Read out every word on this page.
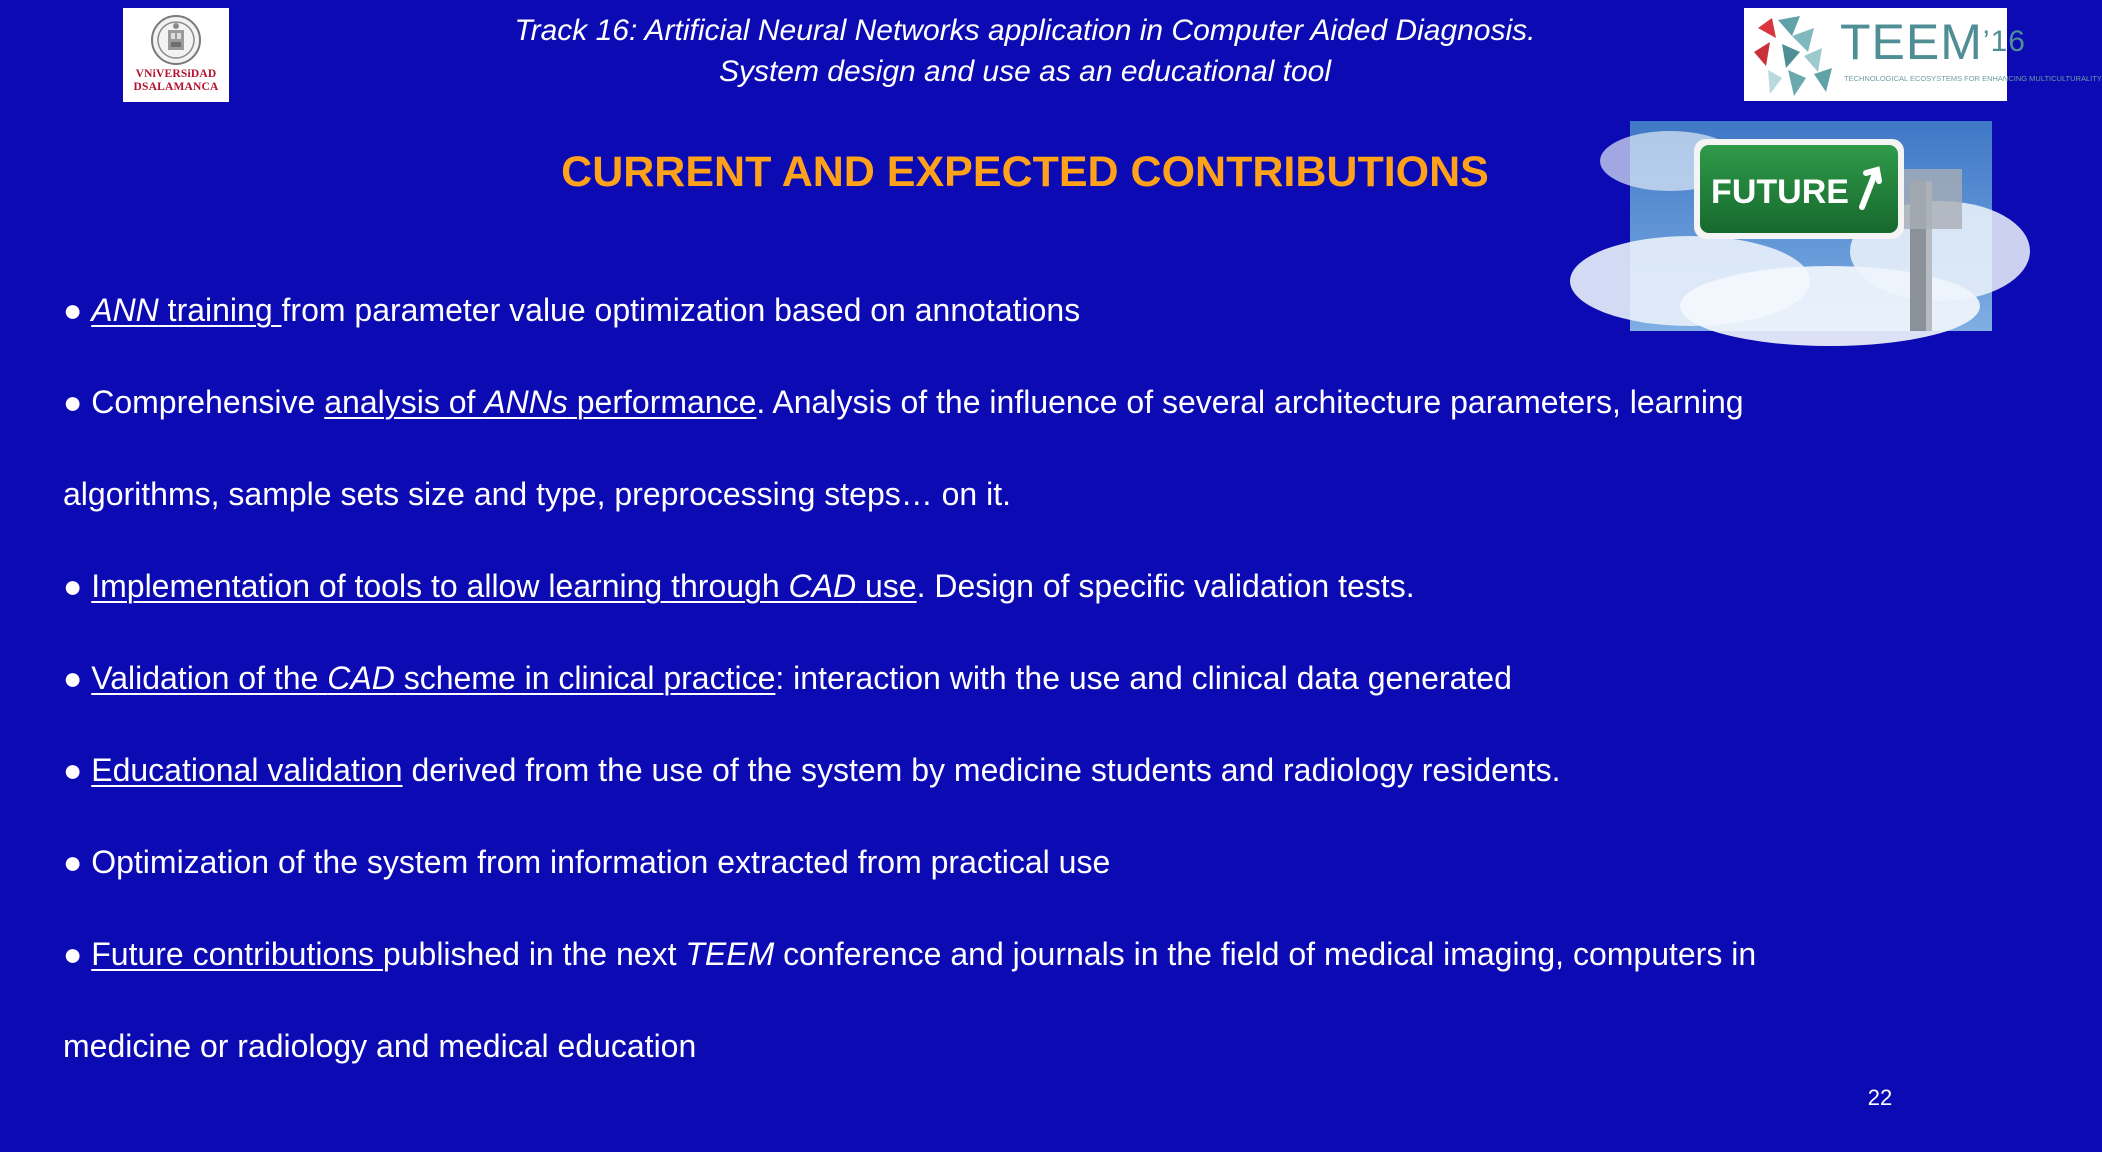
VNiVERSiDAD
DSALAMANCA
Track 16: Artificial Neural Networks application in Computer Aided Diagnosis.
System design and use as an educational tool
$TEEM^{’16}$
TECHNOLOGICAL ECOSYSTEMS FOR ENHANCING MULTICULTURALITY
CURRENT AND EXPECTED CONTRIBUTIONS	FUTURE
● ANN training from parameter value optimization based on annotations
● Comprehensive analysis of ANNs performance. Analysis of the influence of several architecture parameters, learning
algorithms, sample sets size and type, preprocessing steps… on it.
● Implementation of tools to allow learning through CAD use. Design of specific validation tests.
● Validation of the CAD scheme in clinical practice: interaction with the use and clinical data generated
● Educational validation derived from the use of the system by medicine students and radiology residents.
● Optimization of the system from information extracted from practical use
● Future contributions published in the next TEEM conference and journals in the field of medical imaging, computers in
medicine or radiology and medical education
22
